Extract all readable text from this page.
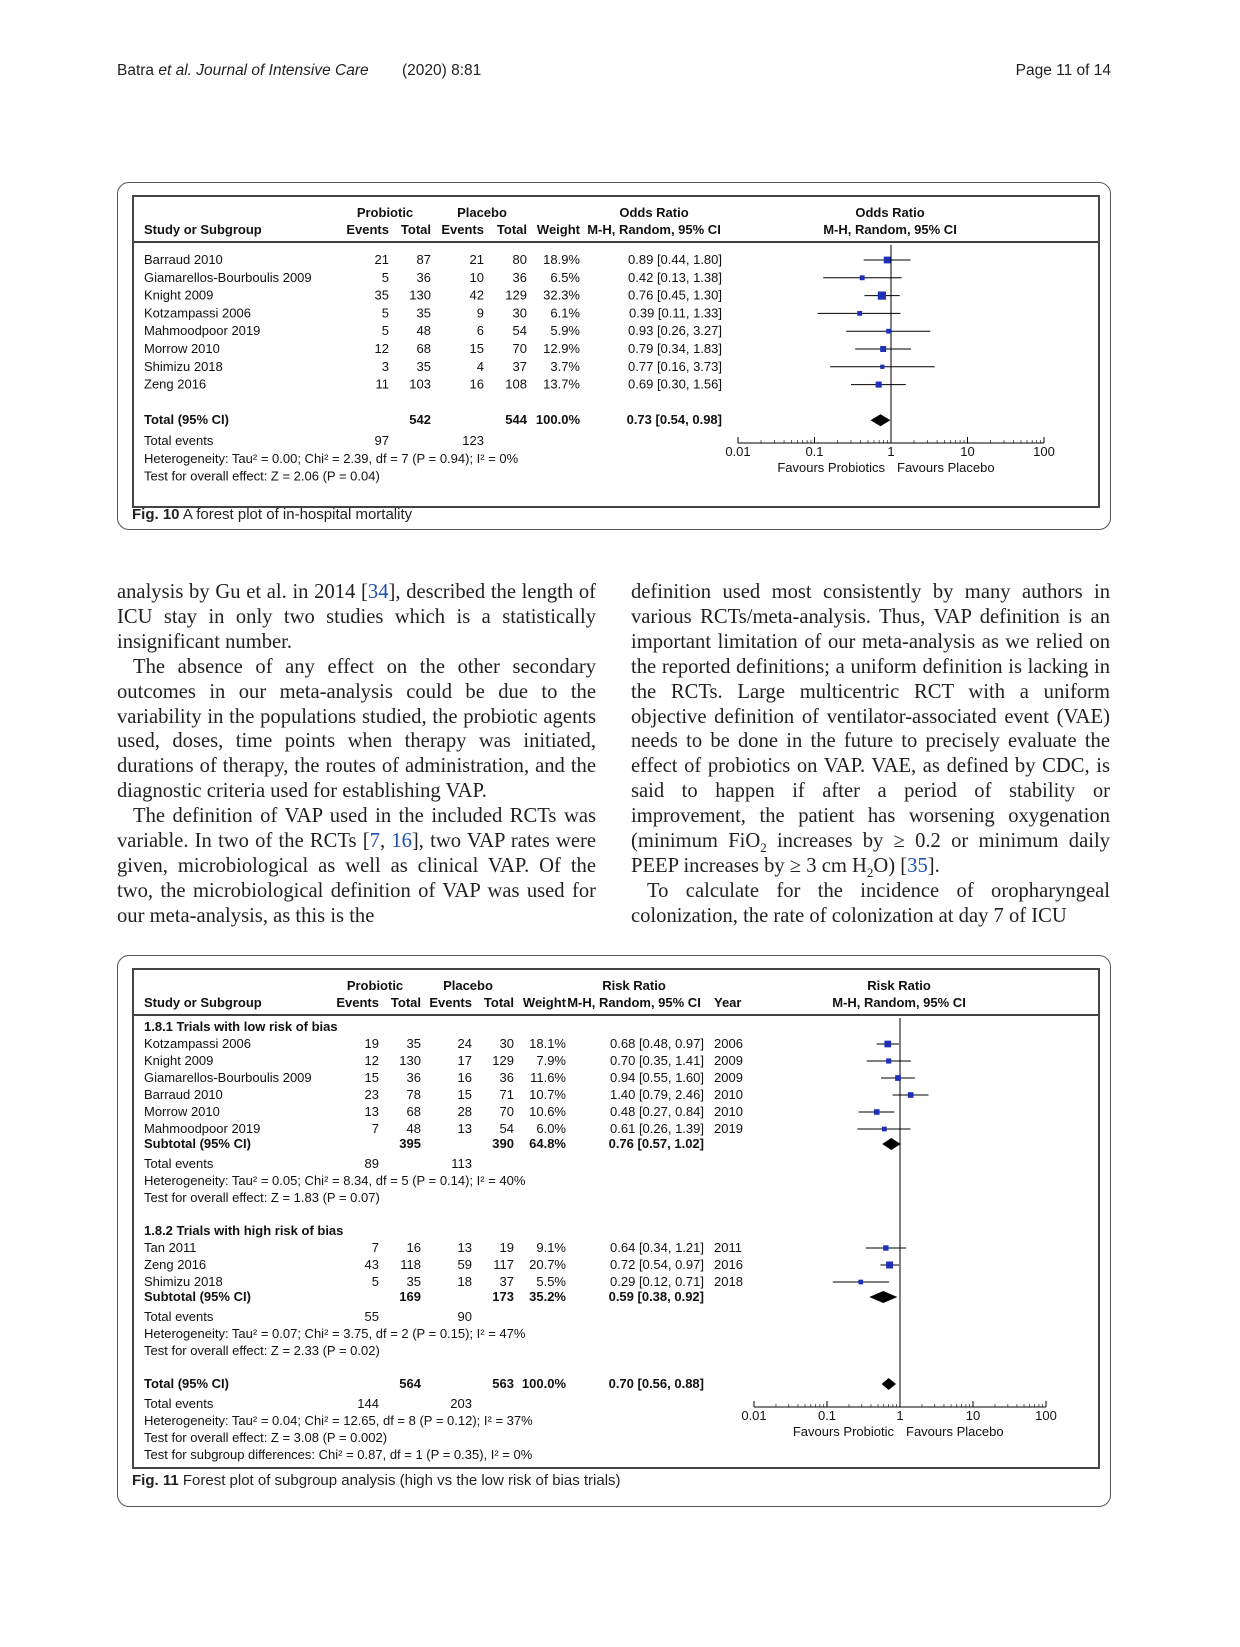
Batra et al. Journal of Intensive Care (2020) 8:81	Page 11 of 14
Probiotic	Placebo	Odds Ratio	Odds Ratio
Study or Subgroup	Events Total Events Total Weight M-H, Random, 95% CI	M-H, Random, 95% CI
Barraud 2010	21 87	21 80 18.9%	0.89 [0.44, 1.80]
Giamarellos-Bourboulis 2009	5 36	10 36 6.5%	0.42 [0.13, 1.38]
Knight 2009	35 130	42 129 32.3%	0.76 [0.45, 1.30]
Kotzampassi 2006	5 35	9 30 6.1%	0.39 [0.11, 1.33]
Mahmoodpoor 2019	5 48	6 54 5.9%	0.93 [0.26, 3.27]
Morrow 2010	12 68	15 70 12.9%	0.79 [0.34, 1.83]
Shimizu 2018	3 35	4 37 3.7%	0.77 [0.16, 3.73]
Zeng 2016	11 103	16 108 13.7%	0.69 [0.30, 1.56]
Total (95% CI)	542	544 100.0%	0.73 [0.54, 0.98]
Total events	97	123
Heterogeneity: Tau² = 0.00; Chi² = 2.39, df = 7 (P = 0.94); I² = 0%
Test for overall effect: Z = 2.06 (P = 0.04)
0.01	0.1	1	10	100
Favours Probiotics Favours Placebo
Fig. 10 A forest plot of in-hospital mortality

analysis by Gu et al. in 2014 [34], described the length of ICU stay in only two studies which is a statistically insignificant number.

The absence of any effect on the other secondary outcomes in our meta-analysis could be due to the variability in the populations studied, the probiotic agents used, doses, time points when therapy was initiated, durations of therapy, the routes of administration, and the diagnostic criteria used for establishing VAP.

The definition of VAP used in the included RCTs was variable. In two of the RCTs [7, 16], two VAP rates were given, microbiological as well as clinical VAP. Of the two, the microbiological definition of VAP was used for our meta-analysis, as this is the

definition used most consistently by many authors in various RCTs/meta-analysis. Thus, VAP definition is an important limitation of our meta-analysis as we relied on the reported definitions; a uniform definition is lacking in the RCTs. Large multicentric RCT with a uniform objective definition of ventilator-associated event (VAE) needs to be done in the future to precisely evaluate the effect of probiotics on VAP. VAE, as defined by CDC, is said to happen if after a period of stability or improvement, the patient has worsening oxygenation (minimum FiO$_2$ increases by ≥ 0.2 or minimum daily PEEP increases by ≥ 3 cm $H_2O$) [35].

To calculate for the incidence of oropharyngeal colonization, the rate of colonization at day 7 of ICU

Probiotic	Placebo	Risk Ratio	Risk Ratio
Study or Subgroup	Events Total Events Total Weight M-H, Random, 95% CI Year	M-H, Random, 95% CI
1.8.1 Trials with low risk of bias
Kotzampassi 2006	19 35	24 30 18.1%	0.68 [0.48, 0.97] 2006
Knight 2009	12 130	17 129 7.9%	0.70 [0.35, 1.41] 2009
Giamarellos-Bourboulis 2009	15 36	16 36 11.6%	0.94 [0.55, 1.60] 2009
Barraud 2010	23 78	15 71 10.7%	1.40 [0.79, 2.46] 2010
Morrow 2010	13 68	28 70 10.6%	0.48 [0.27, 0.84] 2010
Mahmoodpoor 2019	7 48	13 54 6.0%	0.61 [0.26, 1.39] 2019
Subtotal (95% CI)	395	390 64.8%	0.76 [0.57, 1.02]
Total events	89	113
Heterogeneity: Tau² = 0.05; Chi² = 8.34, df = 5 (P = 0.14); I² = 40%
Test for overall effect: Z = 1.83 (P = 0.07)
1.8.2 Trials with high risk of bias
Tan 2011	7 16	13 19 9.1%	0.64 [0.34, 1.21] 2011
Zeng 2016	43 118	59 117 20.7%	0.72 [0.54, 0.97] 2016
Shimizu 2018	5 35	18 37 5.5%	0.29 [0.12, 0.71] 2018
Subtotal (95% CI)	169	173 35.2%	0.59 [0.38, 0.92]
Total events	55	90
Heterogeneity: Tau² = 0.07; Chi² = 3.75, df = 2 (P = 0.15); I² = 47%
Test for overall effect: Z = 2.33 (P = 0.02)
Total (95% CI)	564	563 100.0%	0.70 [0.56, 0.88]
Total events	144	203
Heterogeneity: Tau² = 0.04; Chi² = 12.65, df = 8 (P = 0.12); I² = 37%
Test for overall effect: Z = 3.08 (P = 0.002)
Test for subgroup differences: Chi² = 0.87, df = 1 (P = 0.35), I² = 0%
0.01	0.1	1	10	100
Favours Probiotic Favours Placebo
Fig. 11 Forest plot of subgroup analysis (high vs the low risk of bias trials)
